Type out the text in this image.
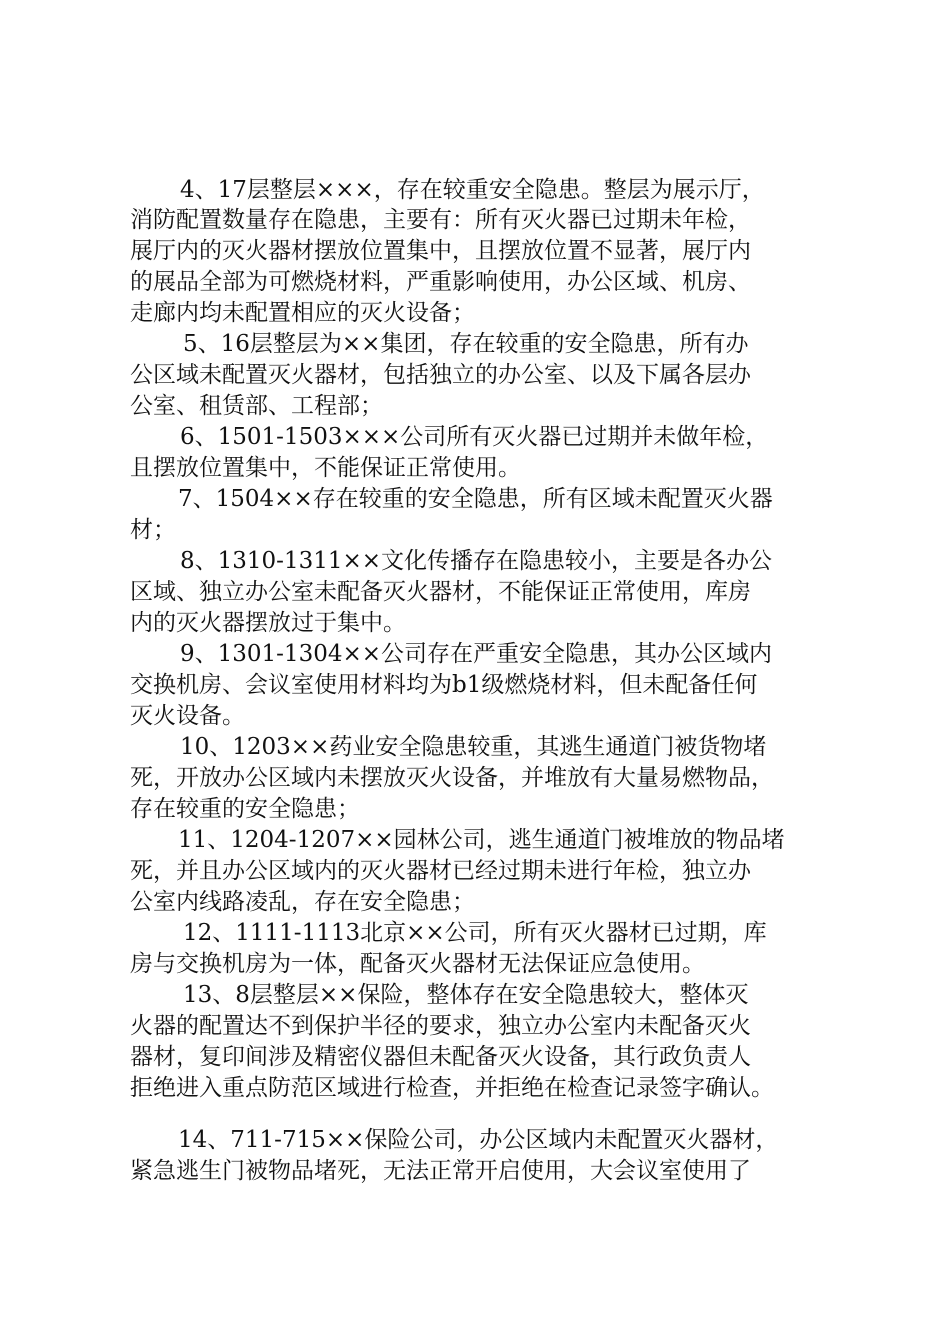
4、17层整层×××，存在较重安全隐患。整层为展示厅，

消防配置数量存在隐患，主要有：所有灭火器已过期未年检，

展厅内的灭火器材摆放位置集中，且摆放位置不显著，展厅内

的展品全部为可燃烧材料，严重影响使用，办公区域、机房、

走廊内均未配置相应的灭火设备；

5、16层整层为××集团，存在较重的安全隐患，所有办

公区域未配置灭火器材，包括独立的办公室、以及下属各层办

公室、租赁部、工程部；

6、1501-1503×××公司所有灭火器已过期并未做年检，

且摆放位置集中，不能保证正常使用。

7、1504××存在较重的安全隐患，所有区域未配置灭火器

材；

8、1310-1311××文化传播存在隐患较小，主要是各办公

区域、独立办公室未配备灭火器材，不能保证正常使用，库房

内的灭火器摆放过于集中。

9、1301-1304××公司存在严重安全隐患，其办公区域内

交换机房、会议室使用材料均为b1级燃烧材料，但未配备任何

灭火设备。

10、1203××药业安全隐患较重，其逃生通道门被货物堵

死，开放办公区域内未摆放灭火设备，并堆放有大量易燃物品，

存在较重的安全隐患；

11、1204-1207××园林公司，逃生通道门被堆放的物品堵

死，并且办公区域内的灭火器材已经过期未进行年检，独立办

公室内线路凌乱，存在安全隐患；

12、1111-1113北京××公司，所有灭火器材已过期，库

房与交换机房为一体，配备灭火器材无法保证应急使用。

13、8层整层××保险，整体存在安全隐患较大，整体灭

火器的配置达不到保护半径的要求，独立办公室内未配备灭火

器材，复印间涉及精密仪器但未配备灭火设备，其行政负责人

拒绝进入重点防范区域进行检查，并拒绝在检查记录签字确认。

14、711-715××保险公司，办公区域内未配置灭火器材，

紧急逃生门被物品堵死，无法正常开启使用，大会议室使用了
